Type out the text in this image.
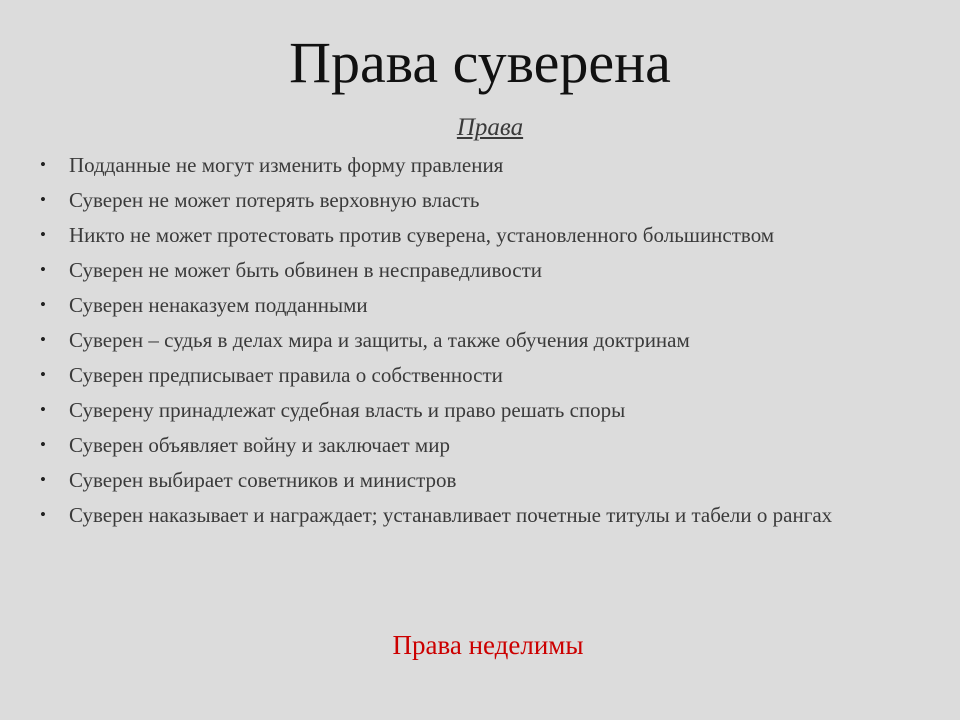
Права суверена
Права
• Подданные не могут изменить форму правления
• Суверен не может потерять верховную власть
• Никто не может протестовать против суверена, установленного большинством
• Суверен не может быть обвинен в несправедливости
• Суверен ненаказуем подданными
• Суверен – судья в делах мира и защиты, а также обучения доктринам
• Суверен предписывает правила о собственности
• Суверену принадлежат судебная власть и право решать споры
• Суверен объявляет войну и заключает мир
• Суверен выбирает советников и министров
• Суверен наказывает и награждает; устанавливает почетные титулы и табели о рангах
Права неделимы
